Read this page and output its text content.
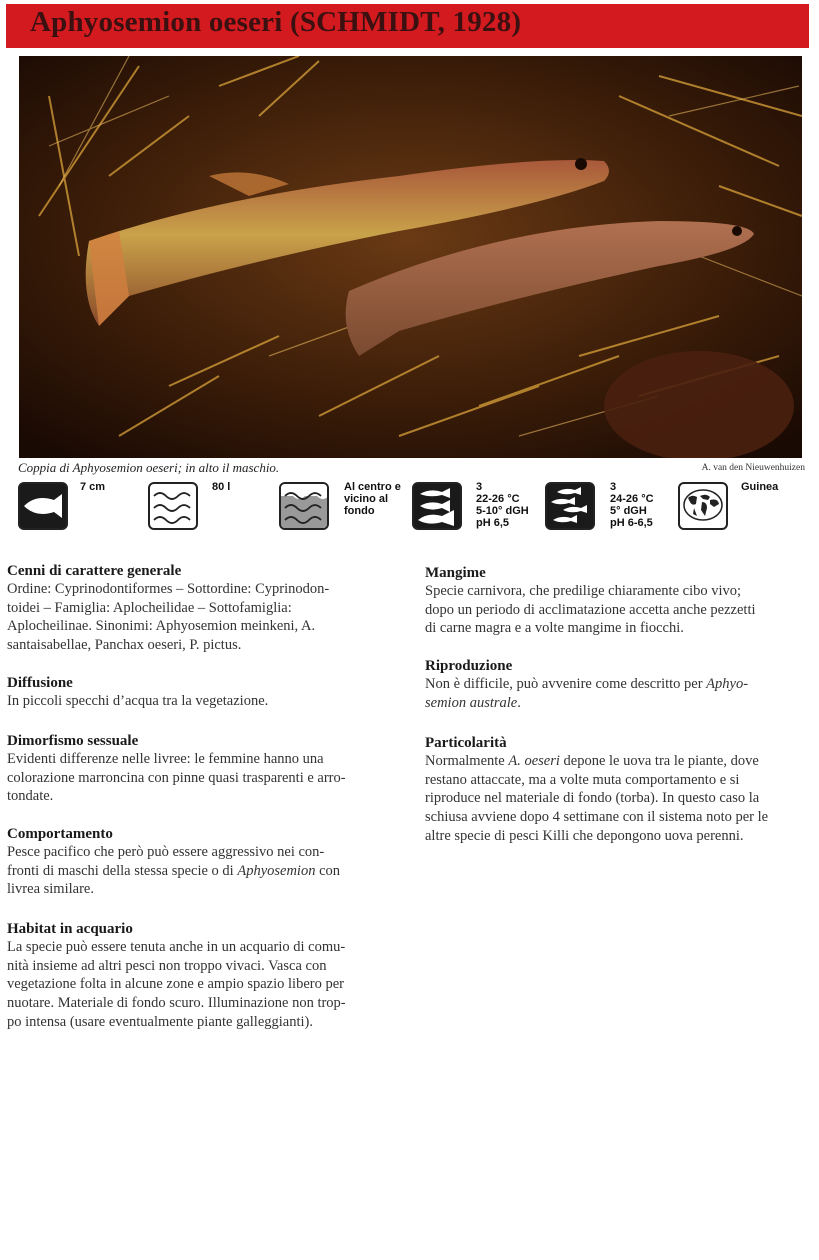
Aphyosemion oeseri (SCHMIDT, 1928)
Coppia di Aphyosemion oeseri; in alto il maschio.	A. van den Nieuwenhuizen
7 cm	80 l	Al centro e
vicino al
fondo
3
22-26 °C
5-10° dGH
pH 6,5
3
24-26 °C
5° dGH
pH 6-6,5
Guinea
Cenni di carattere generale

Ordine: Cyprinodontiformes – Sottordine: Cyprinodon-

toidei – Famiglia: Aplocheilidae – Sottofamiglia:

Aplocheilinae. Sinonimi: Aphyosemion meinkeni, A.

santaisabellae, Panchax oeseri, P. pictus.

Diffusione

In piccoli specchi d’acqua tra la vegetazione.

Dimorfismo sessuale

Evidenti differenze nelle livree: le femmine hanno una

colorazione marroncina con pinne quasi trasparenti e arro-

tondate.

Comportamento

Pesce pacifico che però può essere aggressivo nei con-

fronti di maschi della stessa specie o di Aphyosemion con

livrea similare.

Habitat in acquario

La specie può essere tenuta anche in un acquario di comu-

nità insieme ad altri pesci non troppo vivaci. Vasca con

vegetazione folta in alcune zone e ampio spazio libero per

nuotare. Materiale di fondo scuro. Illuminazione non trop-

po intensa (usare eventualmente piante galleggianti).

Mangime

Specie carnivora, che predilige chiaramente cibo vivo;

dopo un periodo di acclimatazione accetta anche pezzetti

di carne magra e a volte mangime in fiocchi.

Riproduzione

Non è difficile, può avvenire come descritto per Aphyo-

semion australe.

Particolarità

Normalmente A. oeseri depone le uova tra le piante, dove

restano attaccate, ma a volte muta comportamento e si

riproduce nel materiale di fondo (torba). In questo caso la

schiusa avviene dopo 4 settimane con il sistema noto per le

altre specie di pesci Killi che depongono uova perenni.
